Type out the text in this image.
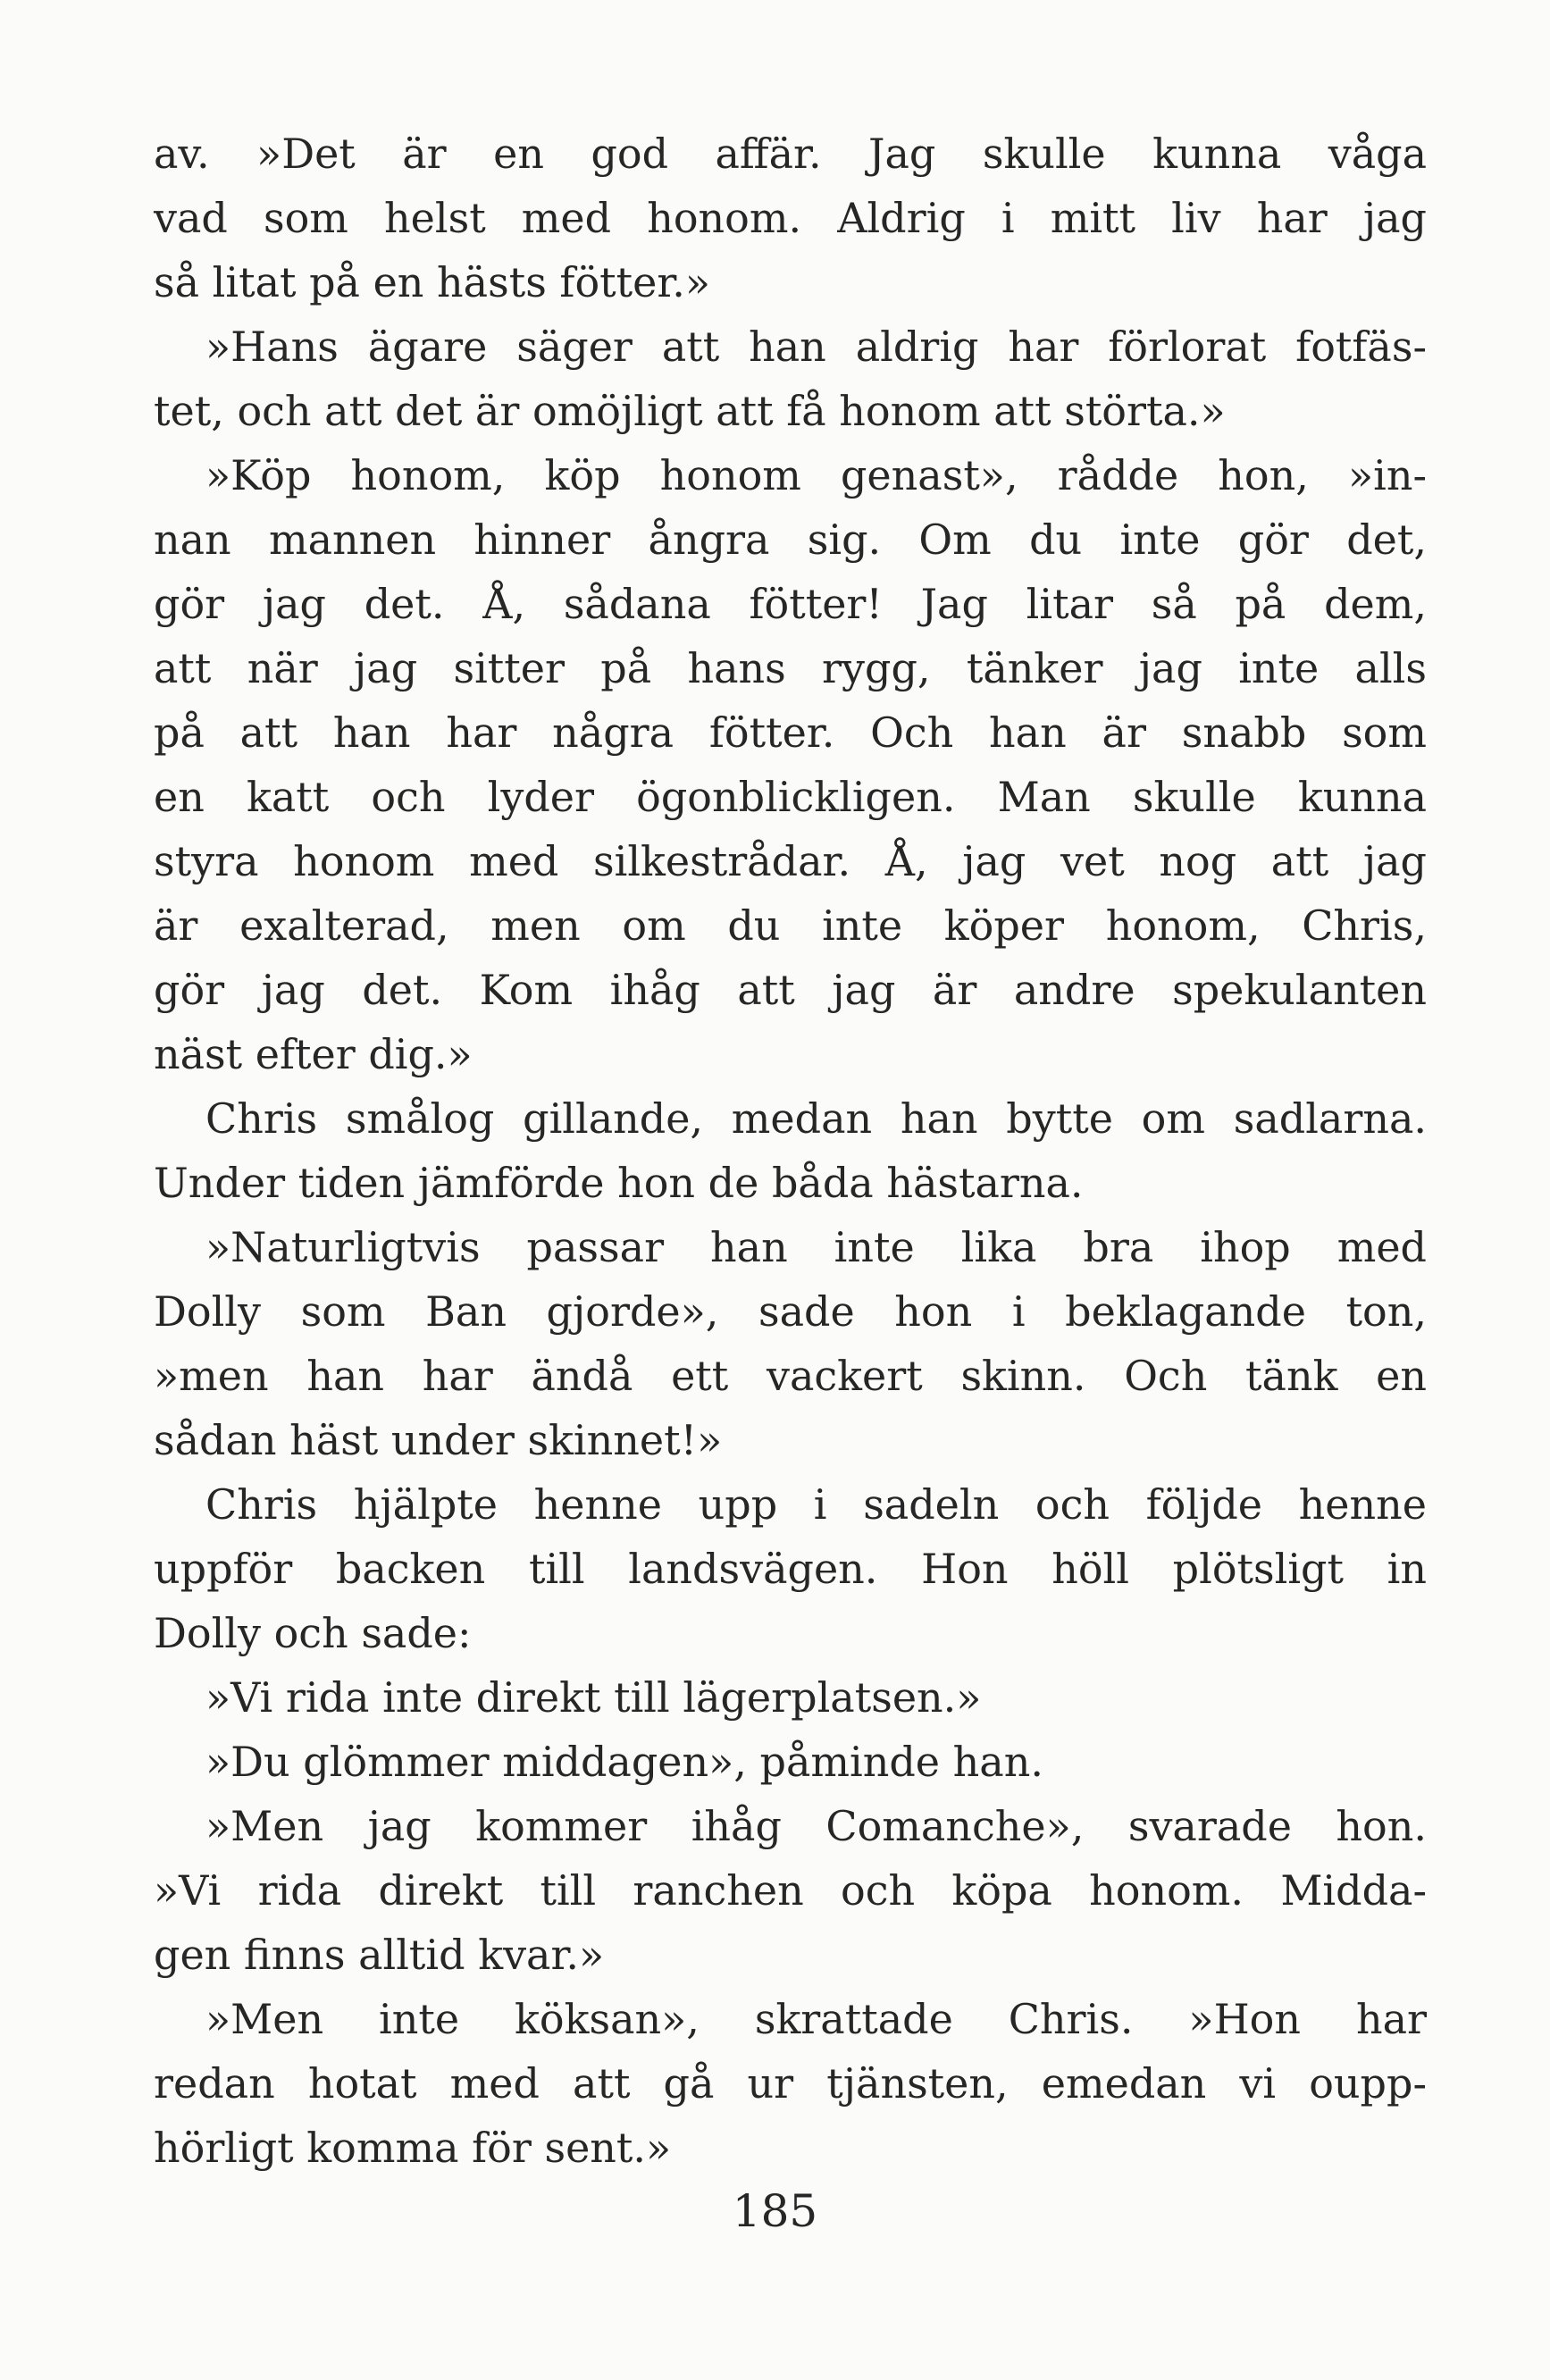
av. »Det är en god affär. Jag skulle kunna våga
vad som helst med honom. Aldrig i mitt liv har jag
så litat på en hästs fötter.»
»Hans ägare säger att han aldrig har förlorat fotfäs-
tet, och att det är omöjligt att få honom att störta.»
»Köp honom, köp honom genast», rådde hon, »in-
nan mannen hinner ångra sig. Om du inte gör det,
gör jag det. Å, sådana fötter! Jag litar så på dem,
att när jag sitter på hans rygg, tänker jag inte alls
på att han har några fötter. Och han är snabb som
en katt och lyder ögonblickligen. Man skulle kunna
styra honom med silkestrådar. Å, jag vet nog att jag
är exalterad, men om du inte köper honom, Chris,
gör jag det. Kom ihåg att jag är andre spekulanten
näst efter dig.»
Chris smålog gillande, medan han bytte om sadlarna.
Under tiden jämförde hon de båda hästarna.
»Naturligtvis passar han inte lika bra ihop med
Dolly som Ban gjorde», sade hon i beklagande ton,
»men han har ändå ett vackert skinn. Och tänk en
sådan häst under skinnet!»
Chris hjälpte henne upp i sadeln och följde henne
uppför backen till landsvägen. Hon höll plötsligt in
Dolly och sade:
»Vi rida inte direkt till lägerplatsen.»
»Du glömmer middagen», påminde han.
»Men jag kommer ihåg Comanche», svarade hon.
»Vi rida direkt till ranchen och köpa honom. Midda-
gen finns alltid kvar.»
»Men inte köksan», skrattade Chris. »Hon har
redan hotat med att gå ur tjänsten, emedan vi oupp-
hörligt komma för sent.»
185
